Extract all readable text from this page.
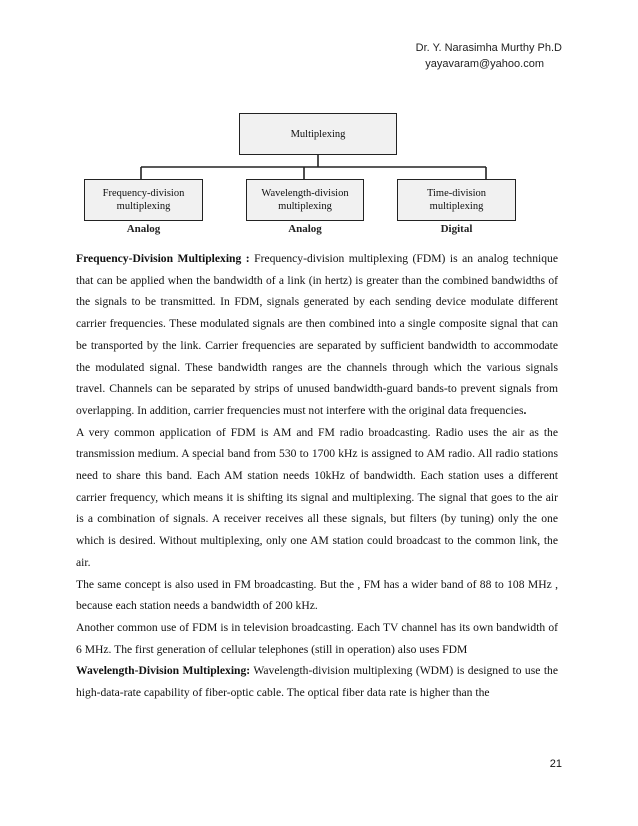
Dr. Y. Narasimha Murthy Ph.D
yayavaram@yahoo.com
Multiplexing
Frequency-division
multiplexing
Analog
Wavelength-division
multiplexing
Analog
Time-division
multiplexing
Digital

Frequency-Division Multiplexing : Frequency-division multiplexing (FDM) is an analog technique that can be applied when the bandwidth of a link (in hertz) is greater than the combined bandwidths of the signals to be transmitted. In FDM, signals generated by each sending device modulate different carrier frequencies. These modulated signals are then combined into a single composite signal that can be transported by the link. Carrier frequencies are separated by sufficient bandwidth to accommodate the modulated signal. These bandwidth ranges are the channels through which the various signals travel. Channels can be separated by strips of unused bandwidth-guard bands-to prevent signals from overlapping. In addition, carrier frequencies must not interfere with the original data frequencies.

A very common application of FDM is AM and FM radio broadcasting. Radio uses the air as the transmission medium. A special band from 530 to 1700 kHz is assigned to AM radio. All radio stations need to share this band. Each AM station needs 10kHz of bandwidth. Each station uses a different carrier frequency, which means it is shifting its signal and multiplexing. The signal that goes to the air is a combination of signals. A receiver receives all these signals, but filters (by tuning) only the one which is desired. Without multiplexing, only one AM station could broadcast to the common link, the air.

The same concept is also used in FM broadcasting. But the , FM has a wider band of 88 to 108 MHz , because each station needs a bandwidth of 200 kHz.

Another common use of FDM is in television broadcasting. Each TV channel has its own bandwidth of 6 MHz. The first generation of cellular telephones (still in operation) also uses FDM

Wavelength-Division Multiplexing: Wavelength-division multiplexing (WDM) is designed to use the high-data-rate capability of fiber-optic cable. The optical fiber data rate is higher than the

21
